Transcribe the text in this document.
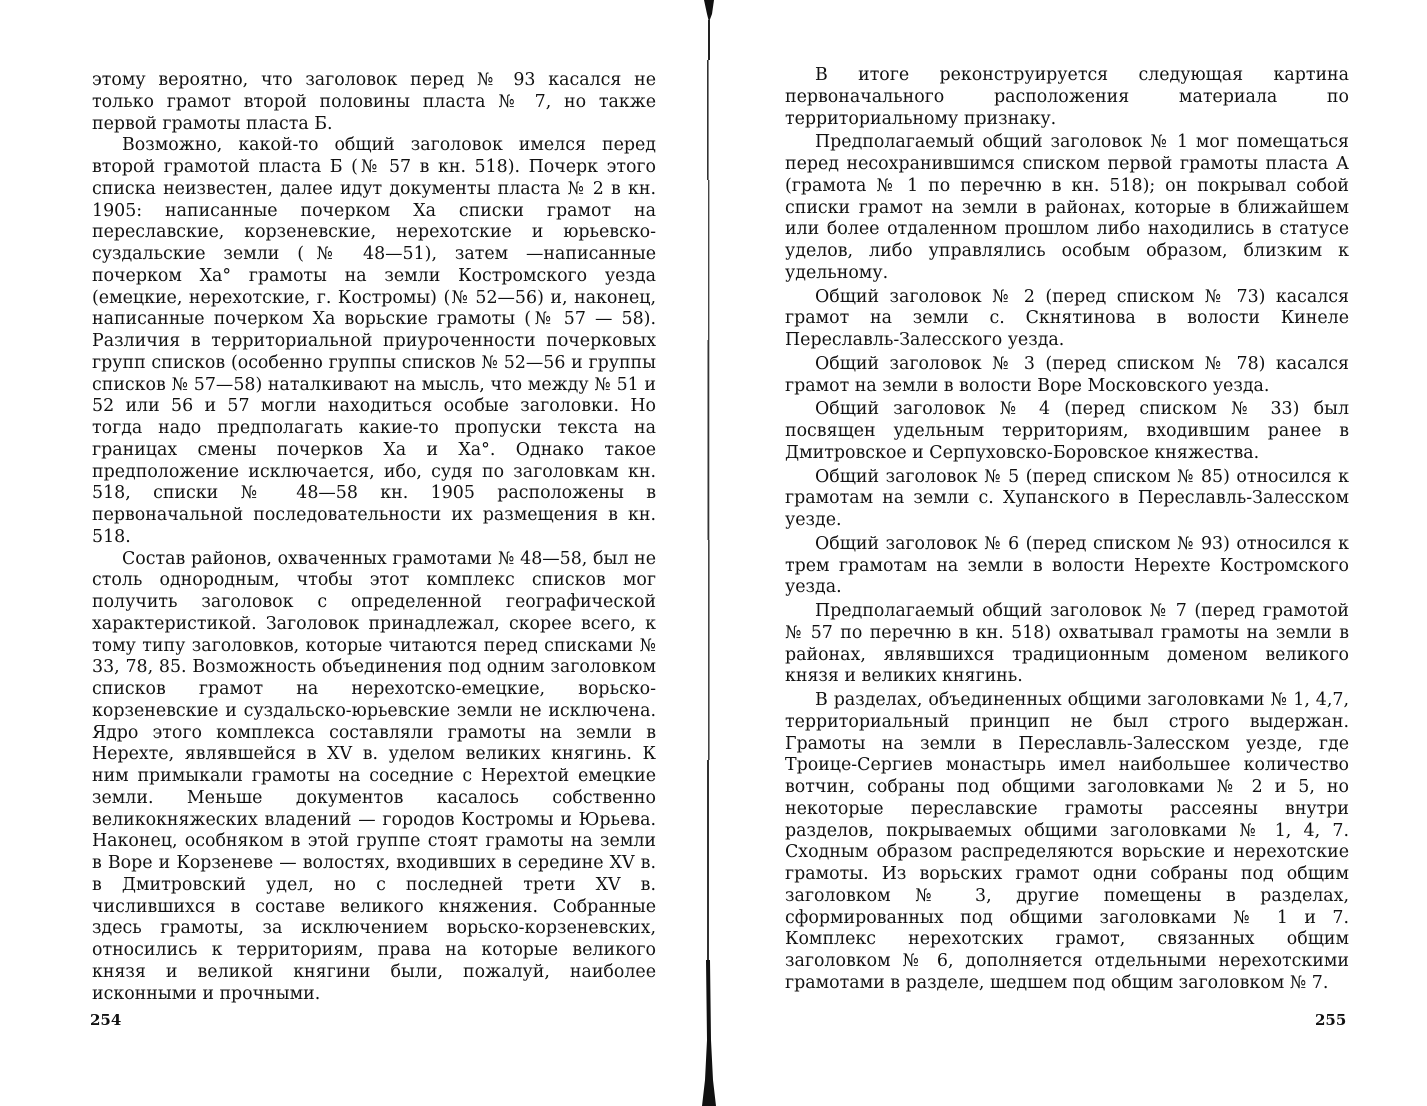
этому вероятно, что заголовок перед № 93 касался не только грамот второй половины пласта № 7, но также первой грамоты пласта Б.

Возможно, какой-то общий заголовок имелся перед второй грамотой пласта Б (№ 57 в кн. 518). Почерк этого списка неизвестен, далее идут документы пласта № 2 в кн. 1905: написанные почерком Ха списки грамот на переславские, корзеневские, нерехотские и юрьевско-суздальские земли (№ 48—51), затем —написанные почерком Ха° грамоты на земли Костромского уезда (емецкие, нерехотские, г. Костромы) (№ 52—56) и, наконец, написанные почерком Ха ворьские грамоты (№ 57 — 58). Различия в территориальной приуроченности почерковых групп списков (особенно группы списков № 52—56 и группы списков № 57—58) наталкивают на мысль, что между № 51 и 52 или 56 и 57 могли находиться особые заголовки. Но тогда надо предполагать какие-то пропуски текста на границах смены почерков Ха и Ха°. Однако такое предположение исключается, ибо, судя по заголовкам кн. 518, списки № 48—58 кн. 1905 расположены в первоначальной последовательности их размещения в кн. 518.

Состав районов, охваченных грамотами № 48—58, был не столь однородным, чтобы этот комплекс списков мог получить заголовок с определенной географической характеристикой. Заголовок принадлежал, скорее всего, к тому типу заголовков, которые читаются перед списками № 33, 78, 85. Возможность объединения под одним заголовком списков грамот на нерехотско-емецкие, ворьско-корзеневские и суздальско-юрьевские земли не исключена. Ядро этого комплекса составляли грамоты на земли в Нерехте, являвшейся в XV в. уделом великих княгинь. К ним примыкали грамоты на соседние с Нерехтой емецкие земли. Меньше документов касалось собственно великокняжеских владений — городов Костромы и Юрьева. Наконец, особняком в этой группе стоят грамоты на земли в Воре и Корзеневе — волостях, входивших в середине XV в. в Дмитровский удел, но с последней трети XV в. числившихся в составе великого княжения. Собранные здесь грамоты, за исключением ворьско-корзеневских, относились к территориям, права на которые великого князя и великой княгини были, пожалуй, наиболее исконными и прочными.

254

В итоге реконструируется следующая картина первоначального расположения материала по территориальному признаку.

Предполагаемый общий заголовок № 1 мог помещаться перед несохранившимся списком первой грамоты пласта А (грамота № 1 по перечню в кн. 518); он покрывал собой списки грамот на земли в районах, которые в ближайшем или более отдаленном прошлом либо находились в статусе уделов, либо управлялись особым образом, близким к удельному.

Общий заголовок № 2 (перед списком № 73) касался грамот на земли с. Скнятинова в волости Кинеле Переславль-Залесского уезда.

Общий заголовок № 3 (перед списком № 78) касался грамот на земли в волости Воре Московского уезда.

Общий заголовок № 4 (перед списком № 33) был посвящен удельным территориям, входившим ранее в Дмитровское и Серпуховско-Боровское княжества.

Общий заголовок № 5 (перед списком № 85) относился к грамотам на земли с. Хупанского в Переславль-Залесском уезде.

Общий заголовок № 6 (перед списком № 93) относился к трем грамотам на земли в волости Нерехте Костромского уезда.

Предполагаемый общий заголовок № 7 (перед грамотой № 57 по перечню в кн. 518) охватывал грамоты на земли в районах, являвшихся традиционным доменом великого князя и великих княгинь.

В разделах, объединенных общими заголовками № 1, 4,7, территориальный принцип не был строго выдержан. Грамоты на земли в Переславль-Залесском уезде, где Троице-Сергиев монастырь имел наибольшее количество вотчин, собраны под общими заголовками № 2 и 5, но некоторые переславские грамоты рассеяны внутри разделов, покрываемых общими заголовками № 1, 4, 7. Сходным образом распределяются ворьские и нерехотские грамоты. Из ворьских грамот одни собраны под общим заголовком № 3, другие помещены в разделах, сформированных под общими заголовками № 1 и 7. Комплекс нерехотских грамот, связанных общим заголовком № 6, дополняется отдельными нерехотскими грамотами в разделе, шедшем под общим заголовком № 7.

255
